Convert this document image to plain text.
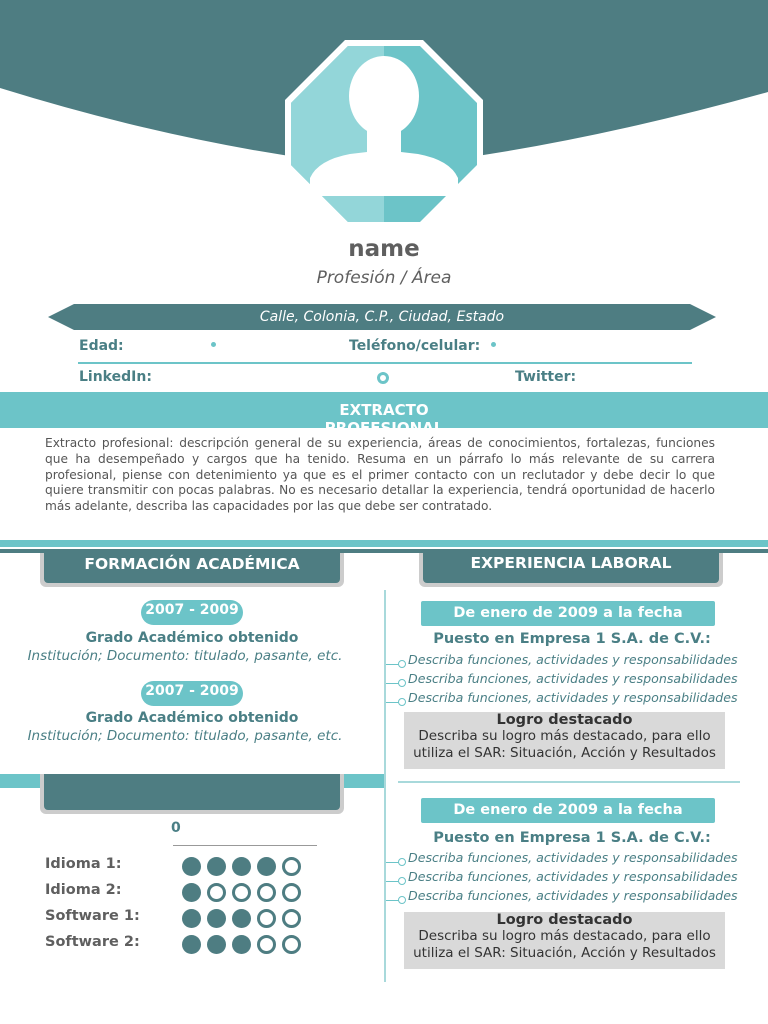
name
Profesión / Área
Calle, Colonia, C.P., Ciudad, Estado
Edad:	Teléfono/celular:
LinkedIn:	Twitter:
EXTRACTO PROFESIONAL
Extracto profesional: descripción general de su experiencia, áreas de conocimientos, fortalezas, funciones que ha desempeñado y cargos que ha tenido. Resuma en un párrafo lo más relevante de su carrera profesional, piense con detenimiento ya que es el primer contacto con un reclutador y debe decir lo que quiere transmitir con pocas palabras. No es necesario detallar la experiencia, tendrá oportunidad de hacerlo más adelante, describa las capacidades por las que debe ser contratado.
FORMACIÓN ACADÉMICA	EXPERIENCIA LABORAL
2007 - 2009
Grado Académico obtenido
Institución; Documento: titulado, pasante, etc.
2007 - 2009
Grado Académico obtenido
Institución; Documento: titulado, pasante, etc.
De enero de 2009 a la fecha
Puesto en Empresa 1 S.A. de C.V.:
Describa funciones, actividades y responsabilidades
Describa funciones, actividades y responsabilidades
Describa funciones, actividades y responsabilidades
Logro destacado
Describa su logro más destacado, para ello utiliza el SAR: Situación, Acción y Resultados
De enero de 2009 a la fecha
Puesto en Empresa 1 S.A. de C.V.:
Describa funciones, actividades y responsabilidades
Describa funciones, actividades y responsabilidades
Describa funciones, actividades y responsabilidades
Logro destacado
Describa su logro más destacado, para ello utiliza el SAR: Situación, Acción y Resultados
0
Idioma 1:
Idioma 2:
Software 1:
Software 2:
